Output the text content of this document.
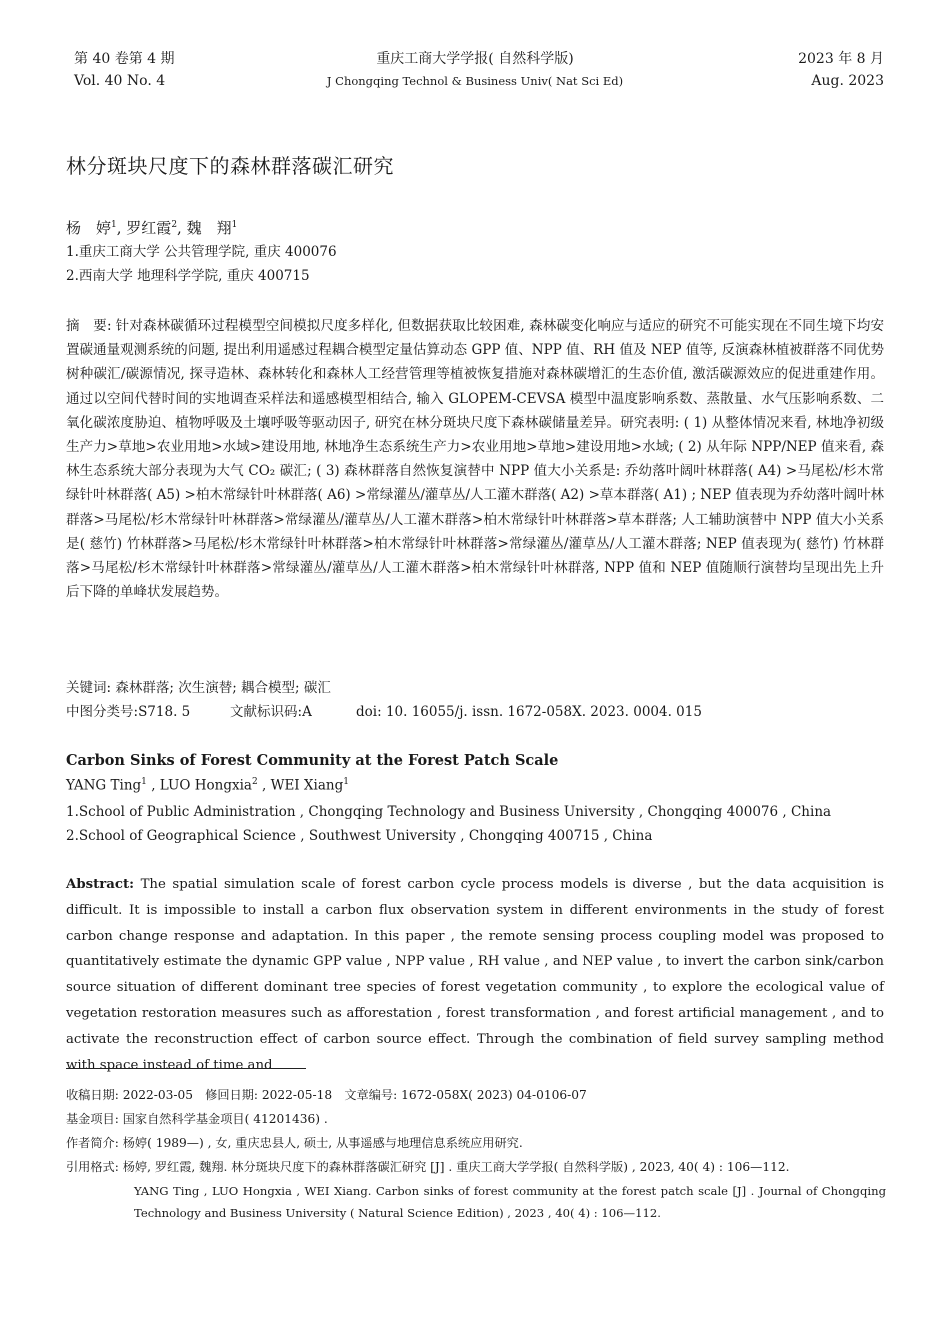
第 40 卷第 4 期
Vol. 40 No. 4
重庆工商大学学报( 自然科学版)
J Chongqing Technol & Business Univ( Nat Sci Ed)
2023 年 8 月
Aug. 2023
林分斑块尺度下的森林群落碳汇研究
杨　婷$^1$, 罗红霞$^2$, 魏　翔$^1$
1.重庆工商大学 公共管理学院, 重庆 400076
2.西南大学 地理科学学院, 重庆 400715
摘　要: 针对森林碳循环过程模型空间模拟尺度多样化, 但数据获取比较困难, 森林碳变化响应与适应的研究不可能实现在不同生境下均安置碳通量观测系统的问题, 提出利用遥感过程耦合模型定量估算动态 GPP 值、NPP 值、RH 值及 NEP 值等, 反演森林植被群落不同优势树种碳汇/碳源情况, 探寻造林、森林转化和森林人工经营管理等植被恢复措施对森林碳增汇的生态价值, 激活碳源效应的促进重建作用。通过以空间代替时间的实地调查采样法和遥感模型相结合, 输入 GLOPEM-CEVSA 模型中温度影响系数、蒸散量、水气压影响系数、二氧化碳浓度胁迫、植物呼吸及土壤呼吸等驱动因子, 研究在林分斑块尺度下森林碳储量差异。研究表明: ( 1) 从整体情况来看, 林地净初级生产力>草地>农业用地>水域>建设用地, 林地净生态系统生产力>农业用地>草地>建设用地>水域; ( 2) 从年际 NPP/NEP 值来看, 森林生态系统大部分表现为大气 CO₂ 碳汇; ( 3) 森林群落自然恢复演替中 NPP 值大小关系是: 乔幼落叶阔叶林群落( A4) >马尾松/杉木常绿针叶林群落( A5) >柏木常绿针叶林群落( A6) >常绿灌丛/灌草丛/人工灌木群落( A2) >草本群落( A1) ; NEP 值表现为乔幼落叶阔叶林群落>马尾松/杉木常绿针叶林群落>常绿灌丛/灌草丛/人工灌木群落>柏木常绿针叶林群落>草本群落; 人工辅助演替中 NPP 值大小关系是( 慈竹) 竹林群落>马尾松/杉木常绿针叶林群落>柏木常绿针叶林群落>常绿灌丛/灌草丛/人工灌木群落; NEP 值表现为( 慈竹) 竹林群落>马尾松/杉木常绿针叶林群落>常绿灌丛/灌草丛/人工灌木群落>柏木常绿针叶林群落, NPP 值和 NEP 值随顺行演替均呈现出先上升后下降的单峰状发展趋势。
关键词: 森林群落; 次生演替; 耦合模型; 碳汇
中图分类号:S718. 5	文献标识码:A	doi: 10. 16055/j. issn. 1672-058X. 2023. 0004. 015
Carbon Sinks of Forest Community at the Forest Patch Scale
YANG Ting$^1$ , LUO Hongxia$^2$ , WEI Xiang$^1$
1.School of Public Administration , Chongqing Technology and Business University , Chongqing 400076 , China
2.School of Geographical Science , Southwest University , Chongqing 400715 , China
Abstract: The spatial simulation scale of forest carbon cycle process models is diverse , but the data acquisition is difficult. It is impossible to install a carbon flux observation system in different environments in the study of forest carbon change response and adaptation. In this paper , the remote sensing process coupling model was proposed to quantitatively estimate the dynamic GPP value , NPP value , RH value , and NEP value , to invert the carbon sink/carbon source situation of different dominant tree species of forest vegetation community , to explore the ecological value of vegetation restoration measures such as afforestation , forest transformation , and forest artificial management , and to activate the reconstruction effect of carbon source effect. Through the combination of field survey sampling method with space instead of time and
收稿日期: 2022-03-05　修回日期: 2022-05-18　文章编号: 1672-058X( 2023) 04-0106-07
基金项目: 国家自然科学基金项目( 41201436) .
作者简介: 杨婷( 1989—) , 女, 重庆忠县人, 硕士, 从事遥感与地理信息系统应用研究.
引用格式: 杨婷, 罗红霞, 魏翔. 林分斑块尺度下的森林群落碳汇研究 [J] . 重庆工商大学学报( 自然科学版) , 2023, 40( 4) : 106—112.
YANG Ting , LUO Hongxia , WEI Xiang. Carbon sinks of forest community at the forest patch scale [J] . Journal of Chongqing Technology and Business University ( Natural Science Edition) , 2023 , 40( 4) : 106—112.
